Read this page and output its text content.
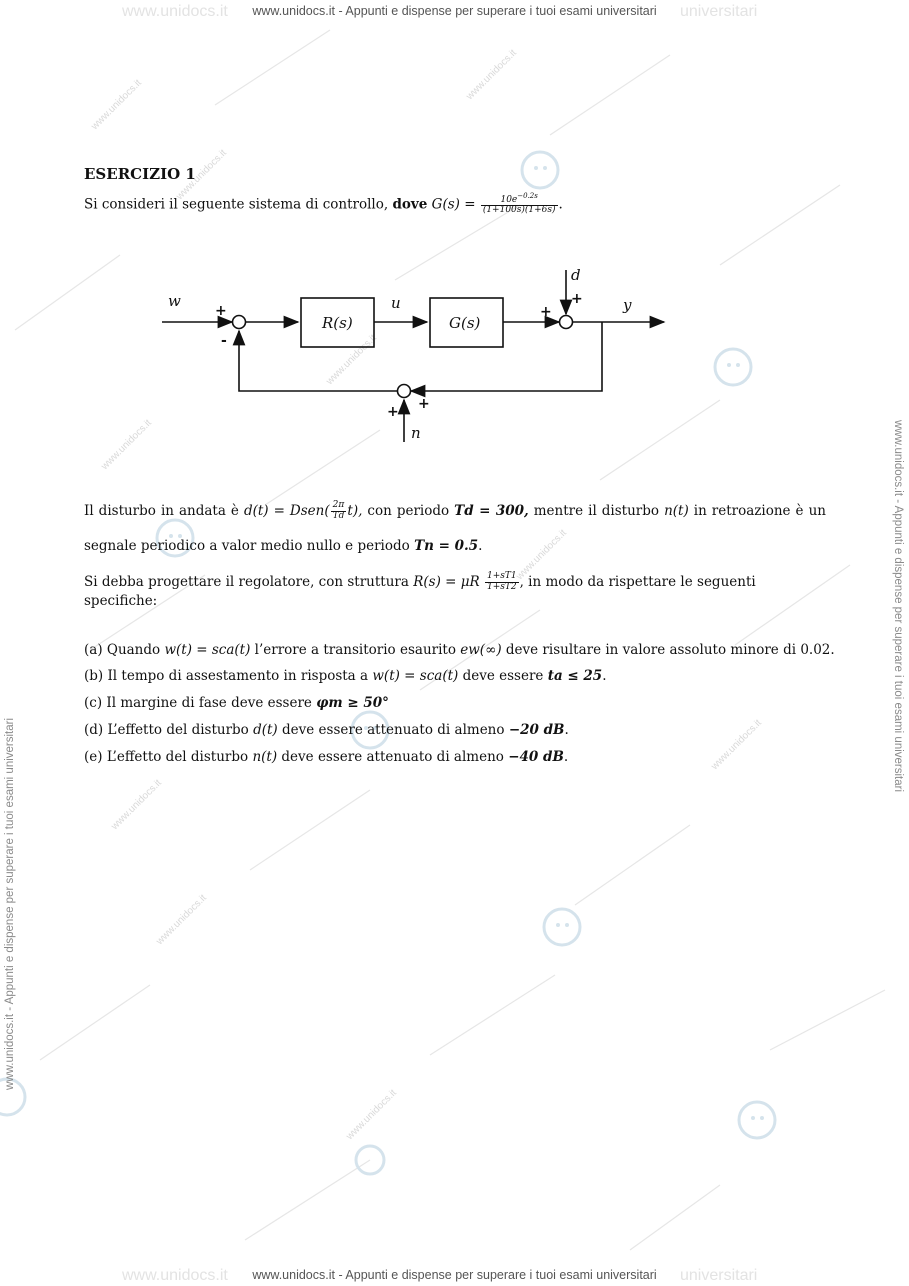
www.unidocs.it
www.unidocs.it
www.unidocs.it
www.unidocs.it
www.unidocs.it
www.unidocs.it
www.unidocs.it
www.unidocs.it
www.unidocs.it
www.unidocs.it
www.unidocs.it	universitari
www.unidocs.it	universitari
www.unidocs.it - Appunti e dispense per superare i tuoi esami universitari
www.unidocs.it - Appunti e dispense per superare i tuoi esami universitari
www.unidocs.it - Appunti e dispense per superare i tuoi esami universitari
www.unidocs.it - Appunti e dispense per superare i tuoi esami universitari

ESERCIZIO 1

Si consideri il seguente sistema di controllo, dove $G(s) = \frac{10e^{-0.2s}}{(1+100s)(1+6s)}$ .

w	u	y
d
n
R(s)	G(s)
+
-
+
+
+
+
Il disturbo in andata è d(t) = Dsen( $\frac{2\pi}{Td} t$), con periodo Td = 300, mentre il disturbo n(t) in retroazione è un segnale periodico a valor medio nullo e periodo Tn = 0.5.
Si debba progettare il regolatore, con struttura R(s) = μR $\frac{1+sT1}{1+sT2}$ , in modo da rispettare le seguenti specifiche:
(a) Quando w(t) = sca(t) l’errore a transitorio esaurito ew(∞) deve risultare in valore assoluto minore di 0.02.
(b) Il tempo di assestamento in risposta a w(t) = sca(t) deve essere ta ≤ 25.
(c) Il margine di fase deve essere φm ≥ 50°
(d) L’effetto del disturbo d(t) deve essere attenuato di almeno −20 dB.
(e) L’effetto del disturbo n(t) deve essere attenuato di almeno −40 dB.
